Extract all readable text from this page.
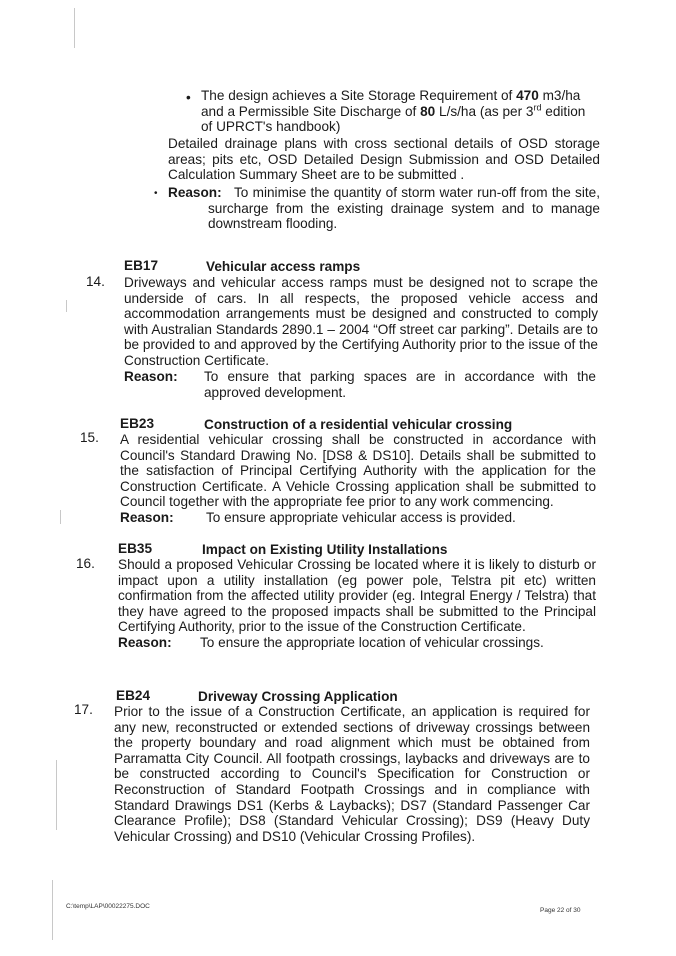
• The design achieves a Site Storage Requirement of 470 m3/ha
and a Permissible Site Discharge of 80 L/s/ha (as per 3rd edition
of UPRCT's handbook)
Detailed drainage plans with cross sectional details of OSD storage areas; pits etc, OSD Detailed Design Submission and OSD Detailed Calculation Summary Sheet are to be submitted .
• Reason: To minimise the quantity of storm water run-off from the site, surcharge from the existing drainage system and to manage downstream flooding.
EB17	Vehicular access ramps
14. Driveways and vehicular access ramps must be designed not to scrape the underside of cars. In all respects, the proposed vehicle access and accommodation arrangements must be designed and constructed to comply with Australian Standards 2890.1 – 2004 “Off street car parking”. Details are to be provided to and approved by the Certifying Authority prior to the issue of the Construction Certificate.
Reason: To ensure that parking spaces are in accordance with the approved development.
EB23	Construction of a residential vehicular crossing
15. A residential vehicular crossing shall be constructed in accordance with Council's Standard Drawing No. [DS8 & DS10]. Details shall be submitted to the satisfaction of Principal Certifying Authority with the application for the Construction Certificate. A Vehicle Crossing application shall be submitted to Council together with the appropriate fee prior to any work commencing.
Reason: To ensure appropriate vehicular access is provided.
EB35	Impact on Existing Utility Installations
16. Should a proposed Vehicular Crossing be located where it is likely to disturb or impact upon a utility installation (eg power pole, Telstra pit etc) written confirmation from the affected utility provider (eg. Integral Energy / Telstra) that they have agreed to the proposed impacts shall be submitted to the Principal Certifying Authority, prior to the issue of the Construction Certificate.
Reason: To ensure the appropriate location of vehicular crossings.
EB24	Driveway Crossing Application
17. Prior to the issue of a Construction Certificate, an application is required for any new, reconstructed or extended sections of driveway crossings between the property boundary and road alignment which must be obtained from Parramatta City Council. All footpath crossings, laybacks and driveways are to be constructed according to Council's Specification for Construction or Reconstruction of Standard Footpath Crossings and in compliance with Standard Drawings DS1 (Kerbs & Laybacks); DS7 (Standard Passenger Car Clearance Profile); DS8 (Standard Vehicular Crossing); DS9 (Heavy Duty Vehicular Crossing) and DS10 (Vehicular Crossing Profiles).
C:\temp\LAP\00022275.DOC
Page 22 of 30
